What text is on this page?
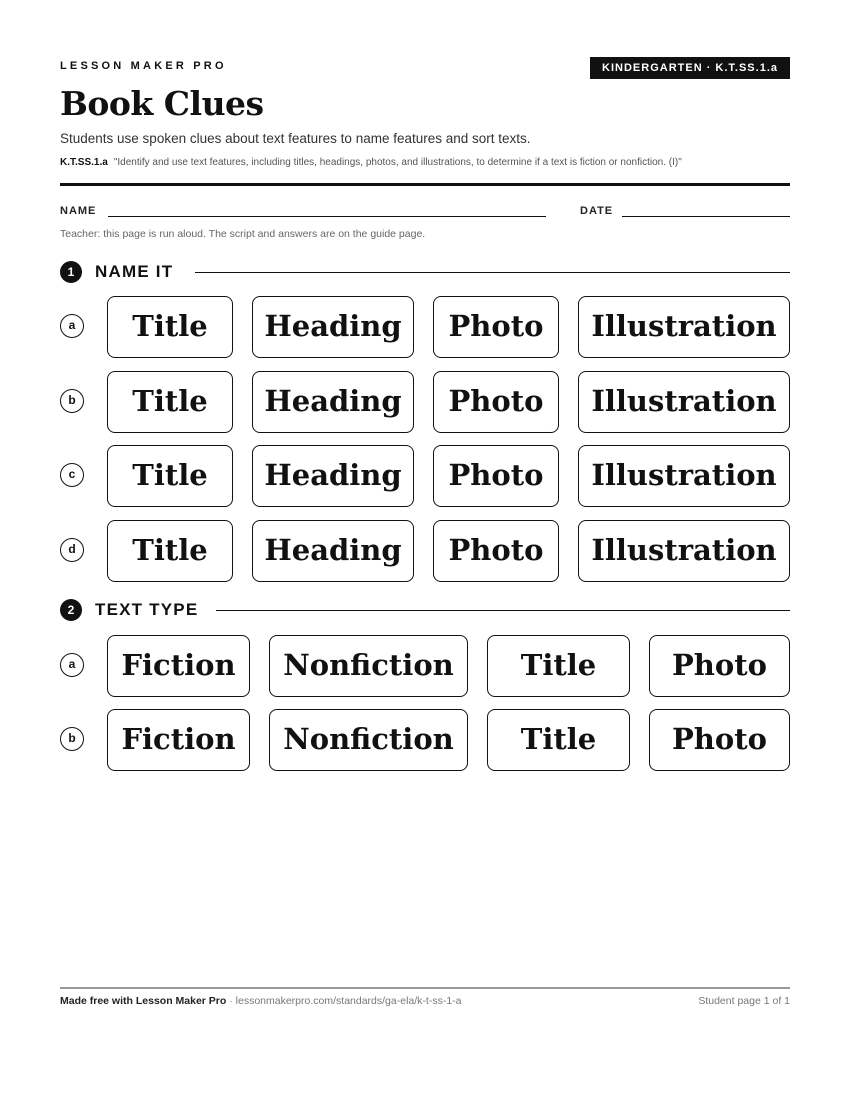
LESSON MAKER PRO	KINDERGARTEN · K.T.SS.1.a
Book Clues
Students use spoken clues about text features to name features and sort texts.
K.T.SS.1.a "Identify and use text features, including titles, headings, photos, and illustrations, to determine if a text is fiction or nonfiction. (I)"
NAME	DATE
Teacher: this page is run aloud. The script and answers are on the guide page.
1	NAME IT
a	Title	Heading	Photo	Illustration
b	Title	Heading	Photo	Illustration
c	Title	Heading	Photo	Illustration
d	Title	Heading	Photo	Illustration
2	TEXT TYPE
a	Fiction	Nonfiction	Title	Photo
b	Fiction	Nonfiction	Title	Photo
Made free with Lesson Maker Pro · lessonmakerpro.com/standards/ga-ela/k-t-ss-1-a	Student page 1 of 1
